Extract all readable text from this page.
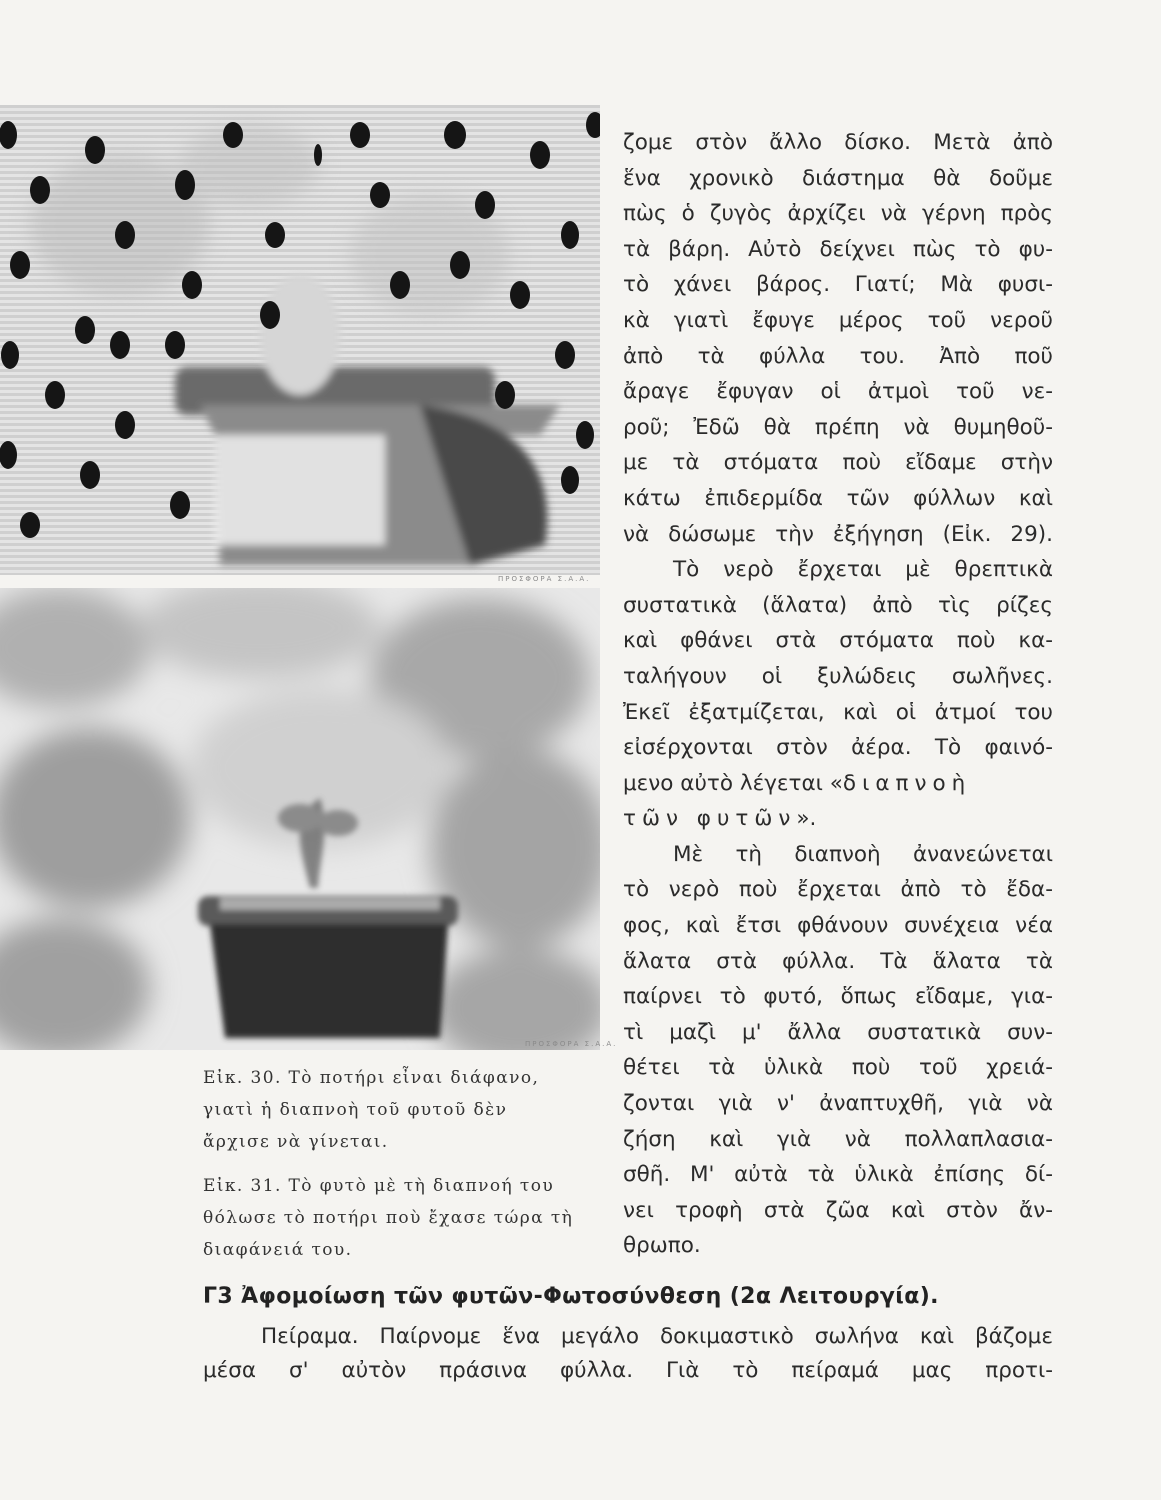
ΠΡΟΣΦΟΡΑ Σ.Α.Α.
ΠΡΟΣΦΟΡΑ Σ.Α.Α.

Εἰκ. 30. Τὸ ποτήρι εἶναι διάφανο, γιατὶ ἡ διαπνοὴ τοῦ φυτοῦ δὲν ἄρχισε νὰ γίνεται.

Εἰκ. 31. Τὸ φυτὸ μὲ τὴ διαπνοή του θόλωσε τὸ ποτήρι ποὺ ἔχασε τώρα τὴ διαφάνειά του.

ζομε στὸν ἄλλο δίσκο. Μετὰ ἀπὸ
ἕνα χρονικὸ διάστημα θὰ δοῦμε
πὼς ὁ ζυγὸς ἀρχίζει νὰ γέρνη πρὸς
τὰ βάρη. Αὐτὸ δείχνει πὼς τὸ φυ-
τὸ χάνει βάρος. Γιατί; Μὰ φυσι-
κὰ γιατὶ ἔφυγε μέρος τοῦ νεροῦ
ἀπὸ τὰ φύλλα του. Ἀπὸ ποῦ
ἄραγε ἔφυγαν οἱ ἀτμοὶ τοῦ νε-
ροῦ; Ἐδῶ θὰ πρέπη νὰ θυμηθοῦ-
με τὰ στόματα ποὺ εἴδαμε στὴν
κάτω ἐπιδερμίδα τῶν φύλλων καὶ
νὰ δώσωμε τὴν ἐξήγηση (Εἰκ. 29).
Τὸ νερὸ ἔρχεται μὲ θρεπτικὰ
συστατικὰ (ἅλατα) ἀπὸ τὶς ρίζες
καὶ φθάνει στὰ στόματα ποὺ κα-
ταλήγουν οἱ ξυλώδεις σωλῆνες.
Ἐκεῖ ἐξατμίζεται, καὶ οἱ ἀτμοί του
εἰσέρχονται στὸν ἀέρα. Τὸ φαινό-
μενο αὐτὸ λέγεται «διαπνοὴ
τῶν φυτῶν».
Μὲ τὴ διαπνοὴ ἀνανεώνεται
τὸ νερὸ ποὺ ἔρχεται ἀπὸ τὸ ἔδα-
φος, καὶ ἔτσι φθάνουν συνέχεια νέα
ἅλατα στὰ φύλλα. Τὰ ἅλατα τὰ
παίρνει τὸ φυτό, ὅπως εἴδαμε, για-
τὶ μαζὶ μ' ἄλλα συστατικὰ συν-
θέτει τὰ ὑλικὰ ποὺ τοῦ χρειά-
ζονται γιὰ ν' ἀναπτυχθῆ, γιὰ νὰ
ζήση καὶ γιὰ νὰ πολλαπλασια-
σθῆ. Μ' αὐτὰ τὰ ὑλικὰ ἐπίσης δί-
νει τροφὴ στὰ ζῶα καὶ στὸν ἄν-
θρωπο.
Γ3 Ἀφομοίωση τῶν φυτῶν-Φωτοσύνθεση (2α Λειτουργία).
Πείραμα. Παίρνομε ἕνα μεγάλο δοκιμαστικὸ σωλήνα καὶ βάζομε
μέσα σ' αὐτὸν πράσινα φύλλα. Γιὰ τὸ πείραμά μας προτι-
